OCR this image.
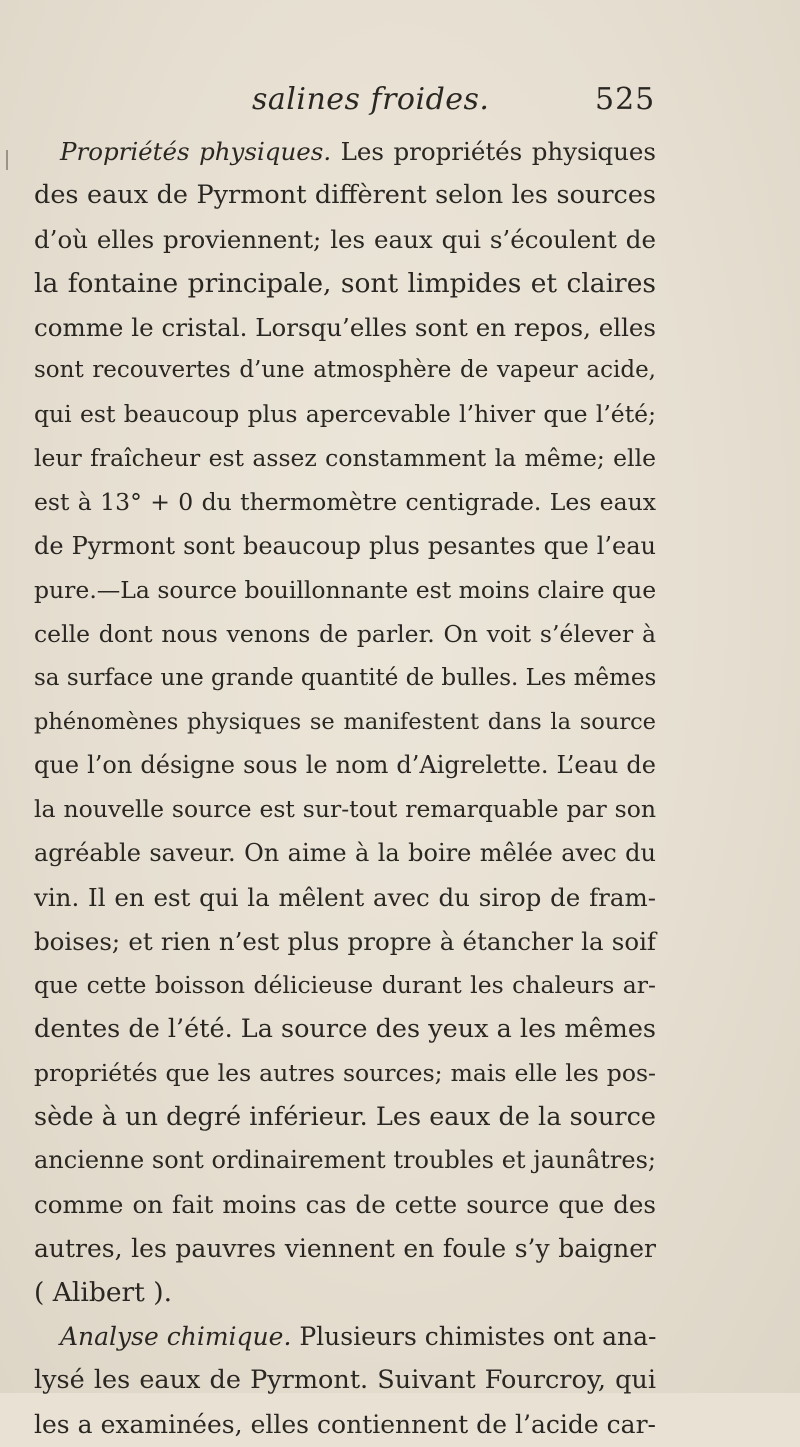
salines froides.	525
Propriétés physiques. Les propriétés physiques
des eaux de Pyrmont diffèrent selon les sources
d’où elles proviennent; les eaux qui s’écoulent de
la fontaine principale, sont limpides et claires
comme le cristal. Lorsqu’elles sont en repos, elles
sont recouvertes d’une atmosphère de vapeur acide,
qui est beaucoup plus apercevable l’hiver que l’été;
leur fraîcheur est assez constamment la même; elle
est à 13° + 0 du thermomètre centigrade. Les eaux
de Pyrmont sont beaucoup plus pesantes que l’eau
pure.—La source bouillonnante est moins claire que
celle dont nous venons de parler. On voit s’élever à
sa surface une grande quantité de bulles. Les mêmes
phénomènes physiques se manifestent dans la source
que l’on désigne sous le nom d’Aigrelette. L’eau de
la nouvelle source est sur-tout remarquable par son
agréable saveur. On aime à la boire mêlée avec du
vin. Il en est qui la mêlent avec du sirop de fram-
boises; et rien n’est plus propre à étancher la soif
que cette boisson délicieuse durant les chaleurs ar-
dentes de l’été. La source des yeux a les mêmes
propriétés que les autres sources; mais elle les pos-
sède à un degré inférieur. Les eaux de la source
ancienne sont ordinairement troubles et jaunâtres;
comme on fait moins cas de cette source que des
autres, les pauvres viennent en foule s’y baigner
( Alibert ).
Analyse chimique. Plusieurs chimistes ont ana-
lysé les eaux de Pyrmont. Suivant Fourcroy, qui
les a examinées, elles contiennent de l’acide car-
